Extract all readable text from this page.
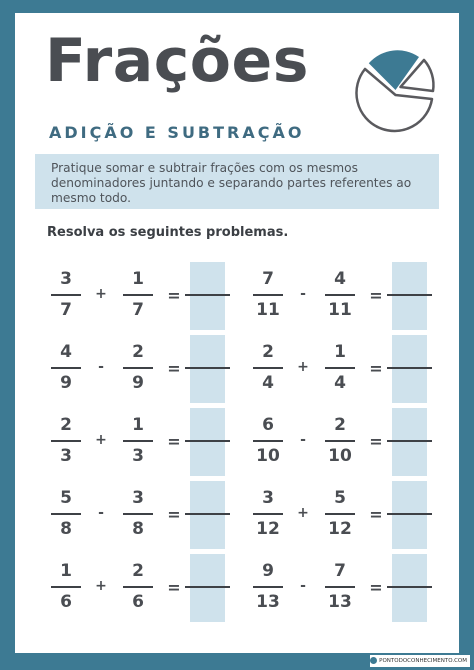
Frações
ADIÇÃO E SUBTRAÇÃO
Pratique somar e subtrair frações com os mesmos
denominadores juntando e separando partes referentes ao
mesmo todo.
Resolva os seguintes problemas.
3
7
+
1
7
=
4
9
-
2
9
=
2
3
+
1
3
=
5
8
-
3
8
=
1
6
+
2
6
=
7
11
-
4
11
=
2
4
+
1
4
=
6
10
-
2
10
=
3
12
+
5
12
=
9
13
-
7
13
=
PONTODOCONHECIMENTO.COM
